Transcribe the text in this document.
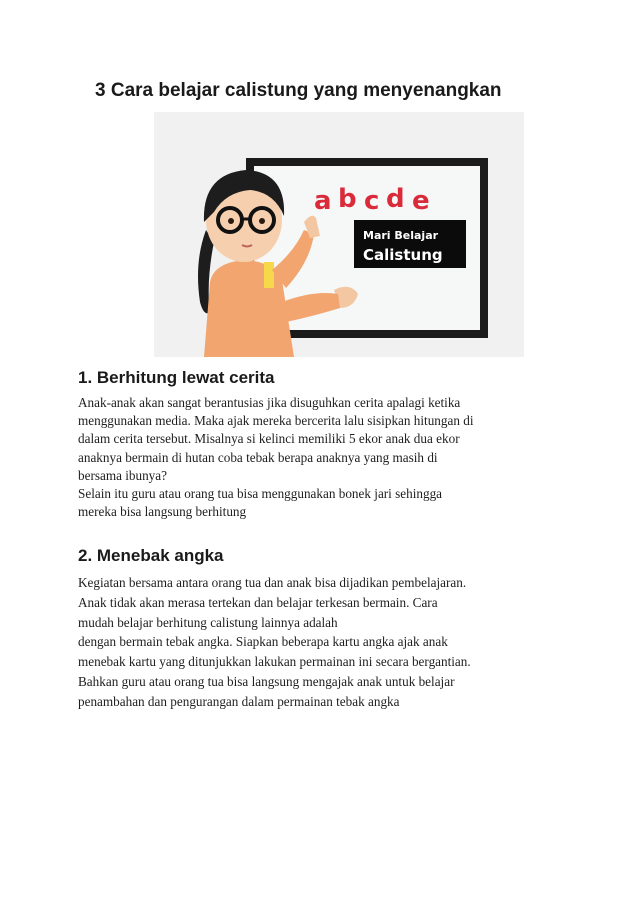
3 Cara belajar calistung yang menyenangkan
a b c d e
Mari Belajar
Calistung
1. Berhitung lewat cerita
Anak-anak akan sangat berantusias jika disuguhkan cerita apalagi ketika
menggunakan media. Maka ajak mereka bercerita lalu sisipkan hitungan di
dalam cerita tersebut. Misalnya si kelinci memiliki 5 ekor anak dua ekor
anaknya bermain di hutan coba tebak berapa anaknya yang masih di
bersama ibunya?
Selain itu guru atau orang tua bisa menggunakan bonek jari sehingga
mereka bisa langsung berhitung
2. Menebak angka
Kegiatan bersama antara orang tua dan anak bisa dijadikan pembelajaran.
Anak tidak akan merasa tertekan dan belajar terkesan bermain. Cara
mudah belajar berhitung calistung lainnya adalah
dengan bermain tebak angka. Siapkan beberapa kartu angka ajak anak
menebak kartu yang ditunjukkan lakukan permainan ini secara bergantian.
Bahkan guru atau orang tua bisa langsung mengajak anak untuk belajar
penambahan dan pengurangan dalam permainan tebak angka
